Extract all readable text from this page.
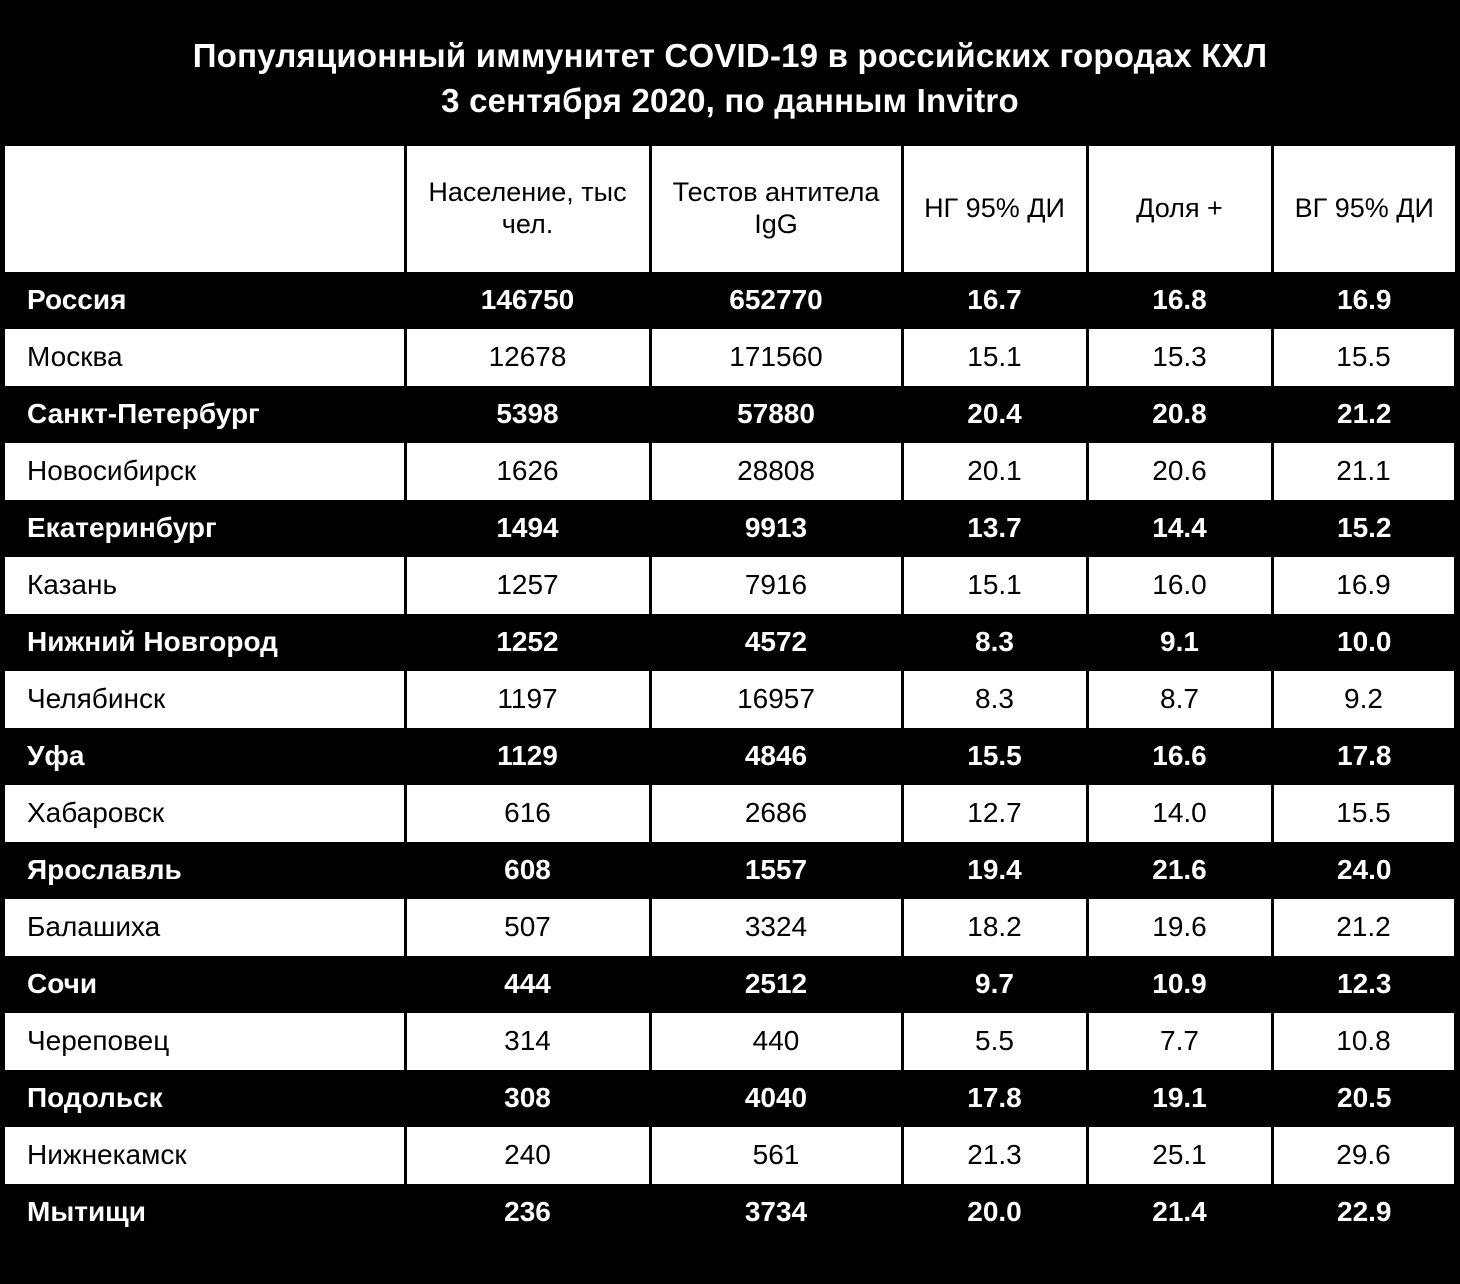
Популяционный иммунитет COVID-19 в российских городах КХЛ
3 сентября 2020, по данным Invitro
	Население, тыс чел.	Тестов антитела IgG	НГ 95% ДИ	Доля +	ВГ 95% ДИ
Россия	146750	652770	16.7	16.8	16.9
Москва	12678	171560	15.1	15.3	15.5
Санкт-Петербург	5398	57880	20.4	20.8	21.2
Новосибирск	1626	28808	20.1	20.6	21.1
Екатеринбург	1494	9913	13.7	14.4	15.2
Казань	1257	7916	15.1	16.0	16.9
Нижний Новгород	1252	4572	8.3	9.1	10.0
Челябинск	1197	16957	8.3	8.7	9.2
Уфа	1129	4846	15.5	16.6	17.8
Хабаровск	616	2686	12.7	14.0	15.5
Ярославль	608	1557	19.4	21.6	24.0
Балашиха	507	3324	18.2	19.6	21.2
Сочи	444	2512	9.7	10.9	12.3
Череповец	314	440	5.5	7.7	10.8
Подольск	308	4040	17.8	19.1	20.5
Нижнекамск	240	561	21.3	25.1	29.6
Мытищи	236	3734	20.0	21.4	22.9
